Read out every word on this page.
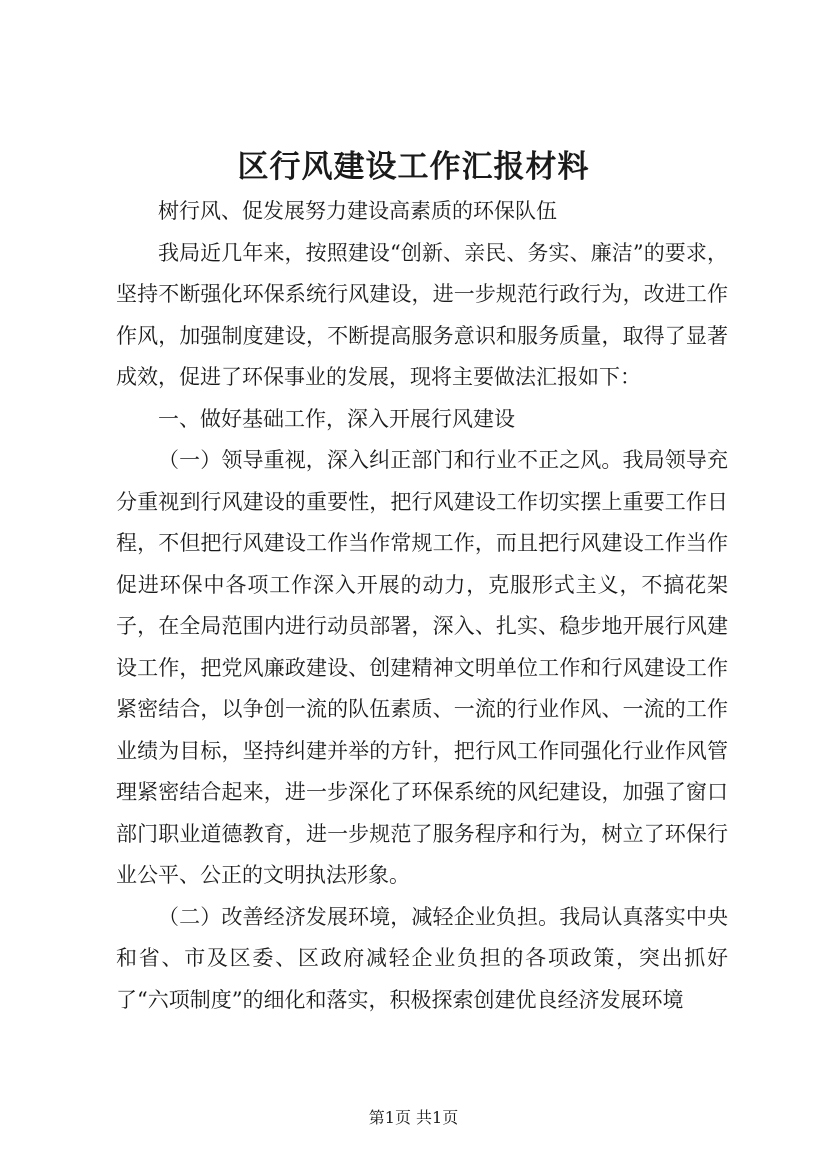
区行风建设工作汇报材料

树行风、促发展努力建设高素质的环保队伍

我局近几年来，按照建设“创新、亲民、务实、廉洁”的要求，坚持不断强化环保系统行风建设，进一步规范行政行为，改进工作作风，加强制度建设，不断提高服务意识和服务质量，取得了显著成效，促进了环保事业的发展，现将主要做法汇报如下：

一、做好基础工作，深入开展行风建设

（一）领导重视，深入纠正部门和行业不正之风。我局领导充分重视到行风建设的重要性，把行风建设工作切实摆上重要工作日程，不但把行风建设工作当作常规工作，而且把行风建设工作当作促进环保中各项工作深入开展的动力，克服形式主义，不搞花架子，在全局范围内进行动员部署，深入、扎实、稳步地开展行风建设工作，把党风廉政建设、创建精神文明单位工作和行风建设工作紧密结合，以争创一流的队伍素质、一流的行业作风、一流的工作业绩为目标，坚持纠建并举的方针，把行风工作同强化行业作风管理紧密结合起来，进一步深化了环保系统的风纪建设，加强了窗口部门职业道德教育，进一步规范了服务程序和行为，树立了环保行业公平、公正的文明执法形象。

（二）改善经济发展环境，减轻企业负担。我局认真落实中央和省、市及区委、区政府减轻企业负担的各项政策，突出抓好了“六项制度”的细化和落实，积极探索创建优良经济发展环境

第1页 共1页
